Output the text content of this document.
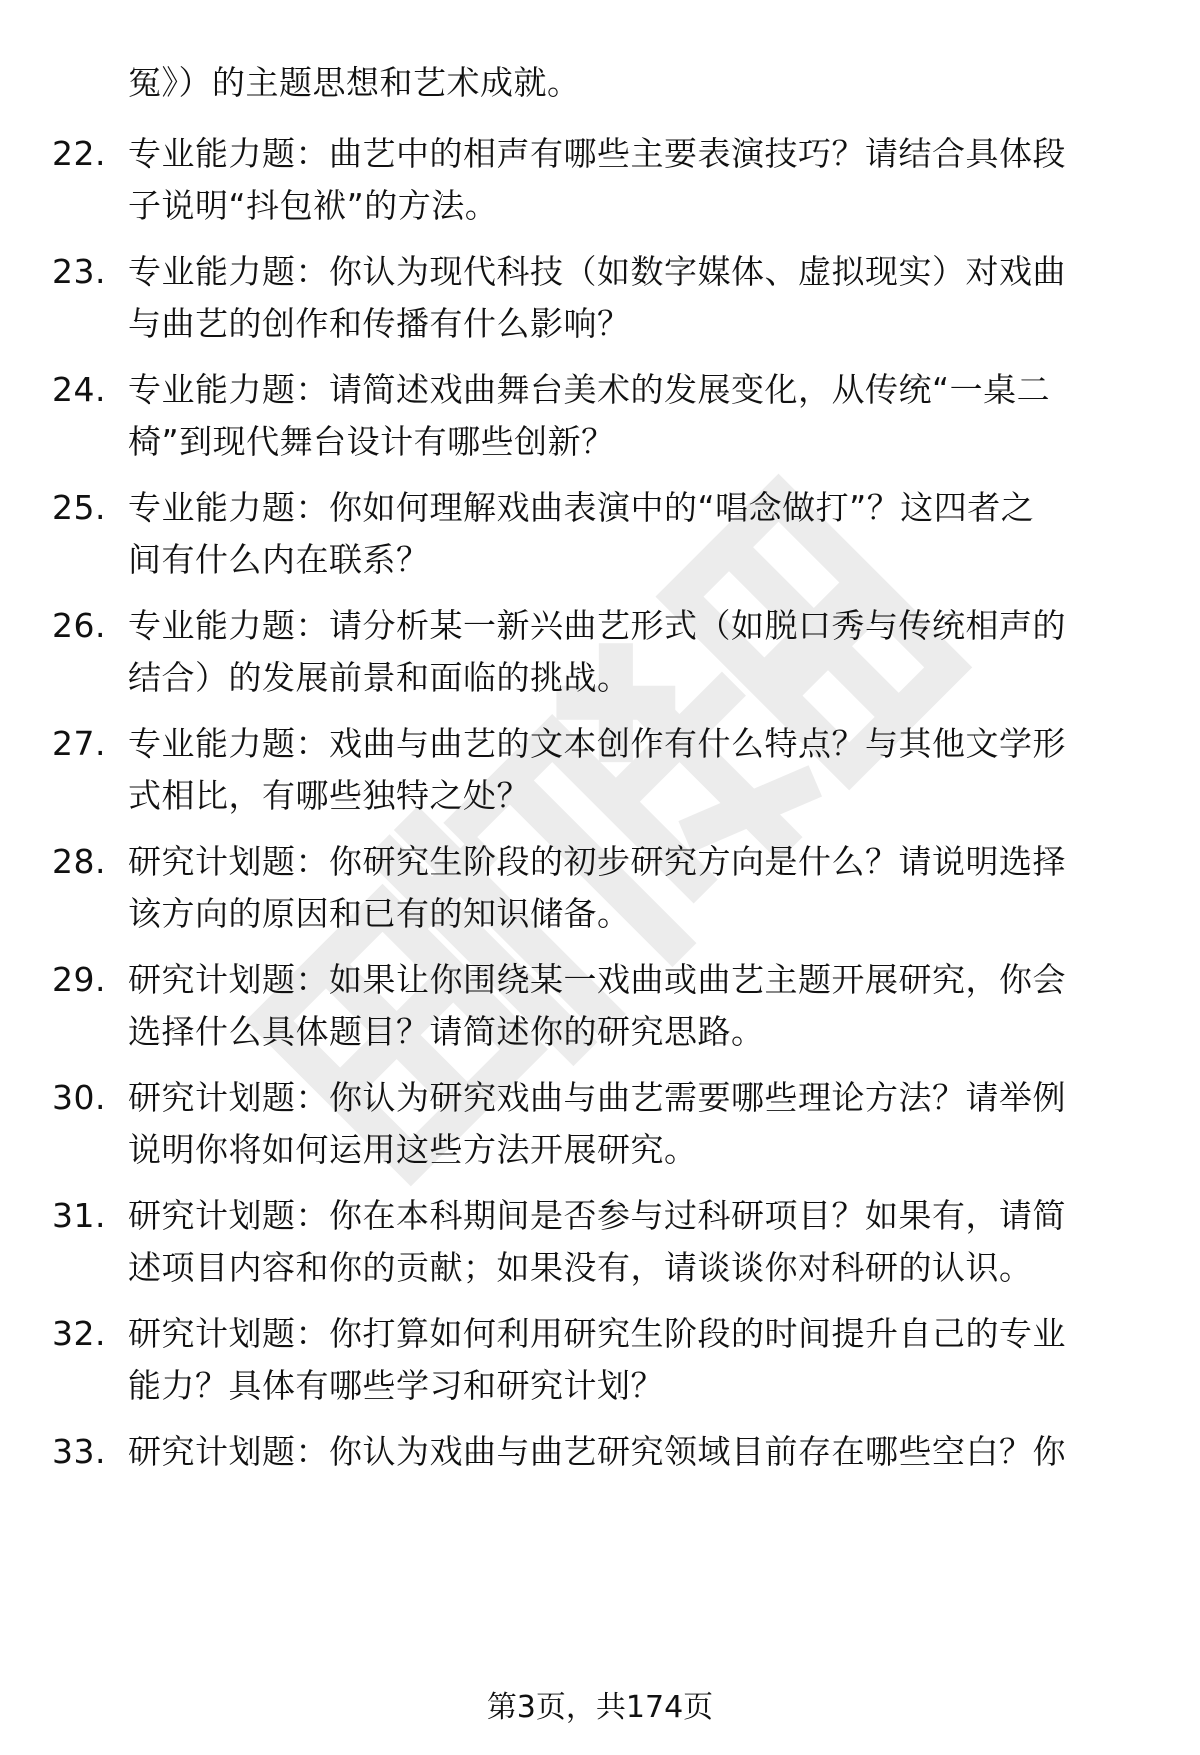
冤》）的主题思想和艺术成就。
22. 专业能力题：曲艺中的相声有哪些主要表演技巧？请结合具体段
子说明“抖包袱”的方法。
23. 专业能力题：你认为现代科技（如数字媒体、虚拟现实）对戏曲
与曲艺的创作和传播有什么影响？
24. 专业能力题：请简述戏曲舞台美术的发展变化，从传统“一桌二
椅”到现代舞台设计有哪些创新？
25. 专业能力题：你如何理解戏曲表演中的“唱念做打”？这四者之
间有什么内在联系？
26. 专业能力题：请分析某一新兴曲艺形式（如脱口秀与传统相声的
结合）的发展前景和面临的挑战。
27. 专业能力题：戏曲与曲艺的文本创作有什么特点？与其他文学形
式相比，有哪些独特之处？
28. 研究计划题：你研究生阶段的初步研究方向是什么？请说明选择
该方向的原因和已有的知识储备。
29. 研究计划题：如果让你围绕某一戏曲或曲艺主题开展研究，你会
选择什么具体题目？请简述你的研究思路。
30. 研究计划题：你认为研究戏曲与曲艺需要哪些理论方法？请举例
说明你将如何运用这些方法开展研究。
31. 研究计划题：你在本科期间是否参与过科研项目？如果有，请简
述项目内容和你的贡献；如果没有，请谈谈你对科研的认识。
32. 研究计划题：你打算如何利用研究生阶段的时间提升自己的专业
能力？具体有哪些学习和研究计划？
33. 研究计划题：你认为戏曲与曲艺研究领域目前存在哪些空白？你
第3页，共174页
